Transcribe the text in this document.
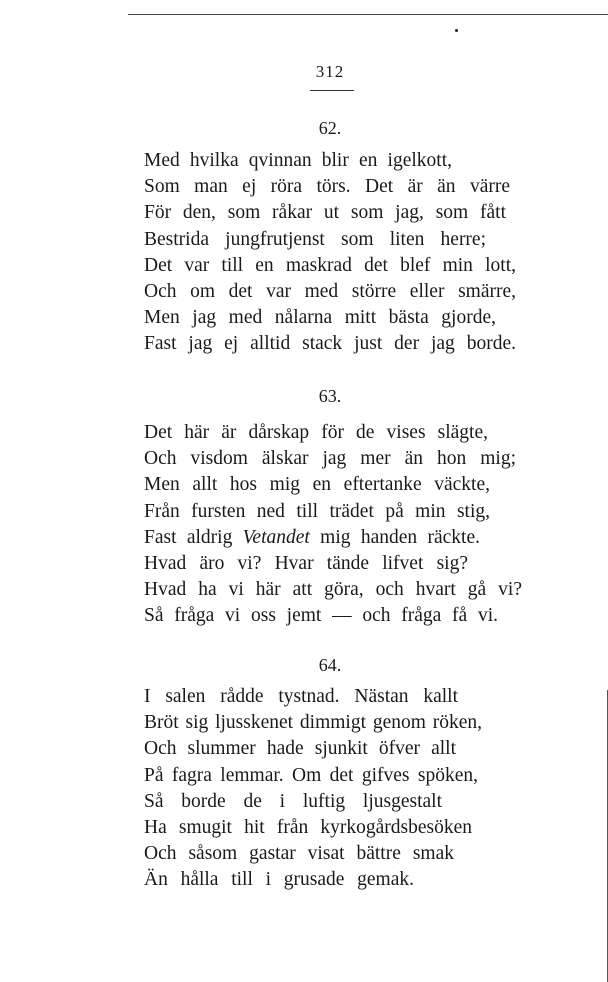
312
62.
Med hvilka qvinnan blir en igelkott,
Som man ej röra törs. Det är än värre
För den, som råkar ut som jag, som fått
Bestrida jungfrutjenst som liten herre;
Det var till en maskrad det blef min lott,
Och om det var med större eller smärre,
Men jag med nålarna mitt bästa gjorde,
Fast jag ej alltid stack just der jag borde.
63.
Det här är dårskap för de vises slägte,
Och visdom älskar jag mer än hon mig;
Men allt hos mig en eftertanke väckte,
Från fursten ned till trädet på min stig,
Fast aldrig Vetandet mig handen räckte.
Hvad äro vi? Hvar tände lifvet sig?
Hvad ha vi här att göra, och hvart gå vi?
Så fråga vi oss jemt — och fråga få vi.
64.
I salen rådde tystnad. Nästan kallt
Bröt sig ljusskenet dimmigt genom röken,
Och slummer hade sjunkit öfver allt
På fagra lemmar. Om det gifves spöken,
Så borde de i luftig ljusgestalt
Ha smugit hit från kyrkogårdsbesöken
Och såsom gastar visat bättre smak
Än hålla till i grusade gemak.
